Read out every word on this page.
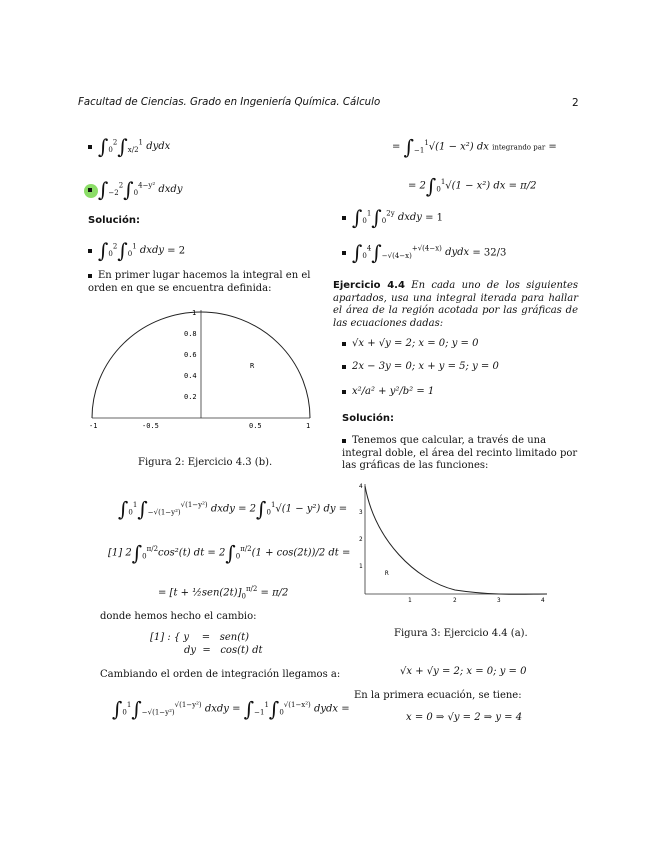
Facultad de Ciencias. Grado en Ingeniería Química. Cálculo	2
$\int_0^2\int_{x/2}^1$ dydx
$\int_{-2}^2\int_0^{4-y^2}$ dxdy
Solución:
$\int_0^2\int_0^1$ dxdy = 2
En primer lugar hacemos la integral en el orden en que se encuentra definida:
-1	-0.5	0.5	1
0.2
0.4
0.6
0.8
1
R
Figura 2: Ejercicio 4.3 (b).
$\int_0^1\int_{-√(1-y^2)}^{√(1-y^2)}$ dxdy = $2\int_0^1√(1 - y^2)$ dy =
[1] $2\int_0^{\pi/2}\cos^2(t)$ dt = $2\int_0^{\pi/2}(1 + \cos(2t))/2$ dt =
= $[t + \frac{1}{2}sen(2t)]_0^{\pi/2} = \pi/2$
donde hemos hecho el cambio:
[1] : { y    =   sen(t)
dy  =   cos(t) dt
Cambiando el orden de integración llegamos a:
$\int_0^1\int_{-√(1-y^2)}^{√(1-y^2)}$ dxdy = $\int_{-1}^1\int_0^{√(1-x^2)}$ dydx =
= $\int_{-1}^1√(1 - x^2)$ dx integrando par =
= $2\int_0^1√(1 - x^2)$ dx = π/2
$\int_0^1\int_0^{2y}$ dxdy = 1
$\int_0^4\int_{-√(4-x)}^{+√(4-x)}$ dydx = 32/3
Ejercicio 4.4 En cada uno de los siguientes apartados, usa una integral iterada para hallar el área de la región acotada por las gráficas de las ecuaciones dadas:
√x + √y = 2; x = 0; y = 0
2x − 3y = 0; x + y = 5; y = 0
x²/a² + y²/b² = 1
Solución:
Tenemos que calcular, a través de una integral doble, el área del recinto limitado por las gráficas de las funciones:
1	2	3	4
1
2
3
4
R
Figura 3: Ejercicio 4.4 (a).
√x + √y = 2; x = 0; y = 0
En la primera ecuación, se tiene:
x = 0 ⇒ √y = 2 ⇒ y = 4
